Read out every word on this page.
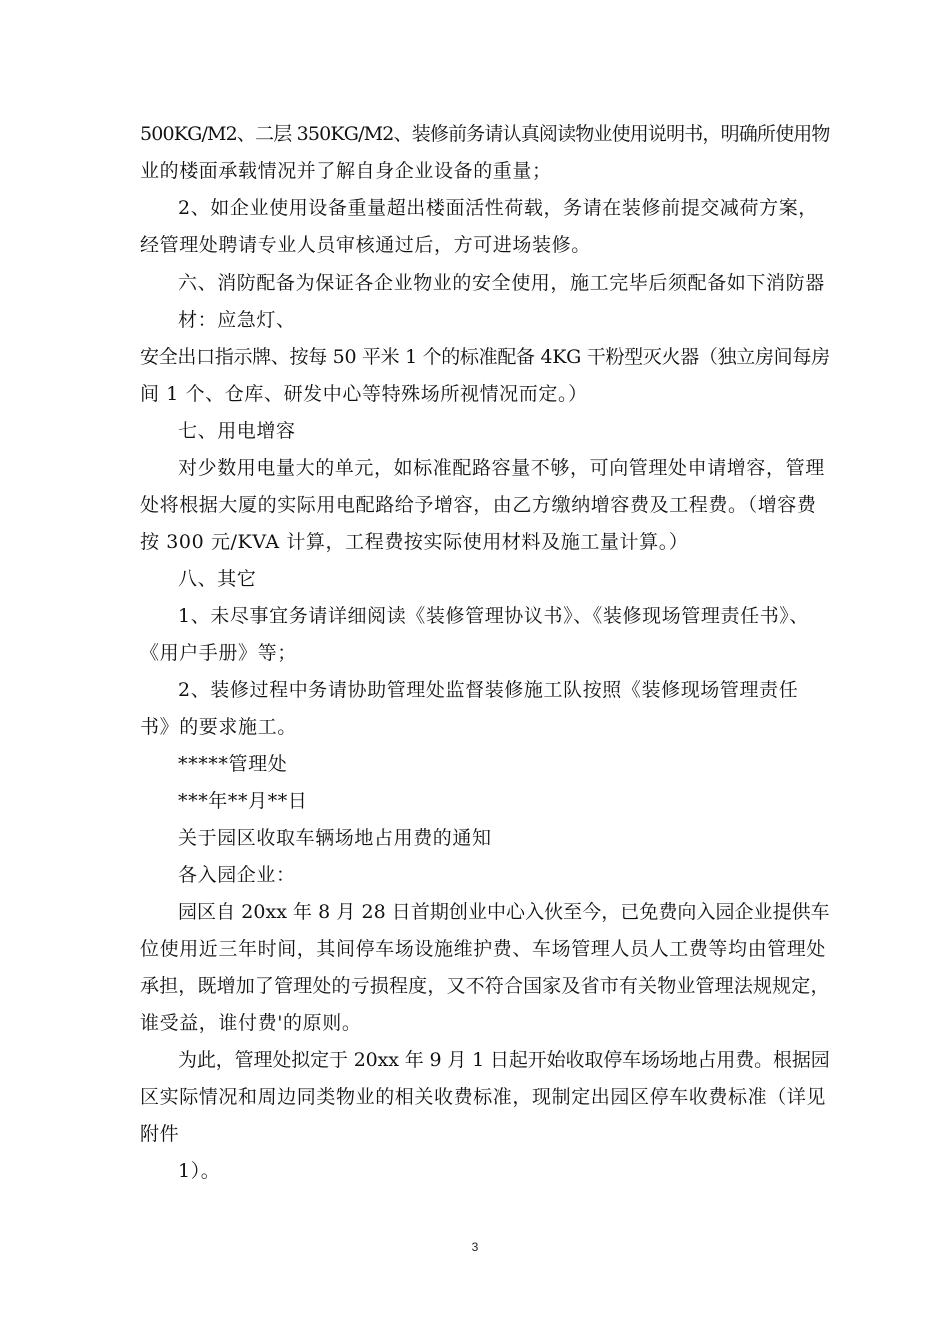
500KG/M2、二层 350KG/M2、装修前务请认真阅读物业使用说明书，明确所使用物
业的楼面承载情况并了解自身企业设备的重量；
2、如企业使用设备重量超出楼面活性荷载，务请在装修前提交减荷方案，
经管理处聘请专业人员审核通过后，方可进场装修。
六、消防配备为保证各企业物业的安全使用，施工完毕后须配备如下消防器
材：应急灯、
安全出口指示牌、按每 50 平米 1 个的标准配备 4KG 干粉型灭火器（独立房间每房
间 1 个、仓库、研发中心等特殊场所视情况而定。）
七、用电增容
对少数用电量大的单元，如标准配路容量不够，可向管理处申请增容，管理
处将根据大厦的实际用电配路给予增容，由乙方缴纳增容费及工程费。（增容费
按 300 元/KVA 计算，工程费按实际使用材料及施工量计算。）
八、其它
1、未尽事宜务请详细阅读《装修管理协议书》、《装修现场管理责任书》、
《用户手册》等；
2、装修过程中务请协助管理处监督装修施工队按照《装修现场管理责任
书》的要求施工。
*****管理处
***年**月**日
关于园区收取车辆场地占用费的通知
各入园企业：
园区自 20xx 年 8 月 28 日首期创业中心入伙至今，已免费向入园企业提供车
位使用近三年时间，其间停车场设施维护费、车场管理人员人工费等均由管理处
承担，既增加了管理处的亏损程度，又不符合国家及省市有关物业管理法规规定，
谁受益，谁付费'的原则。
为此，管理处拟定于 20xx 年 9 月 1 日起开始收取停车场场地占用费。根据园
区实际情况和周边同类物业的相关收费标准，现制定出园区停车收费标准（详见
附件
1）。
3
